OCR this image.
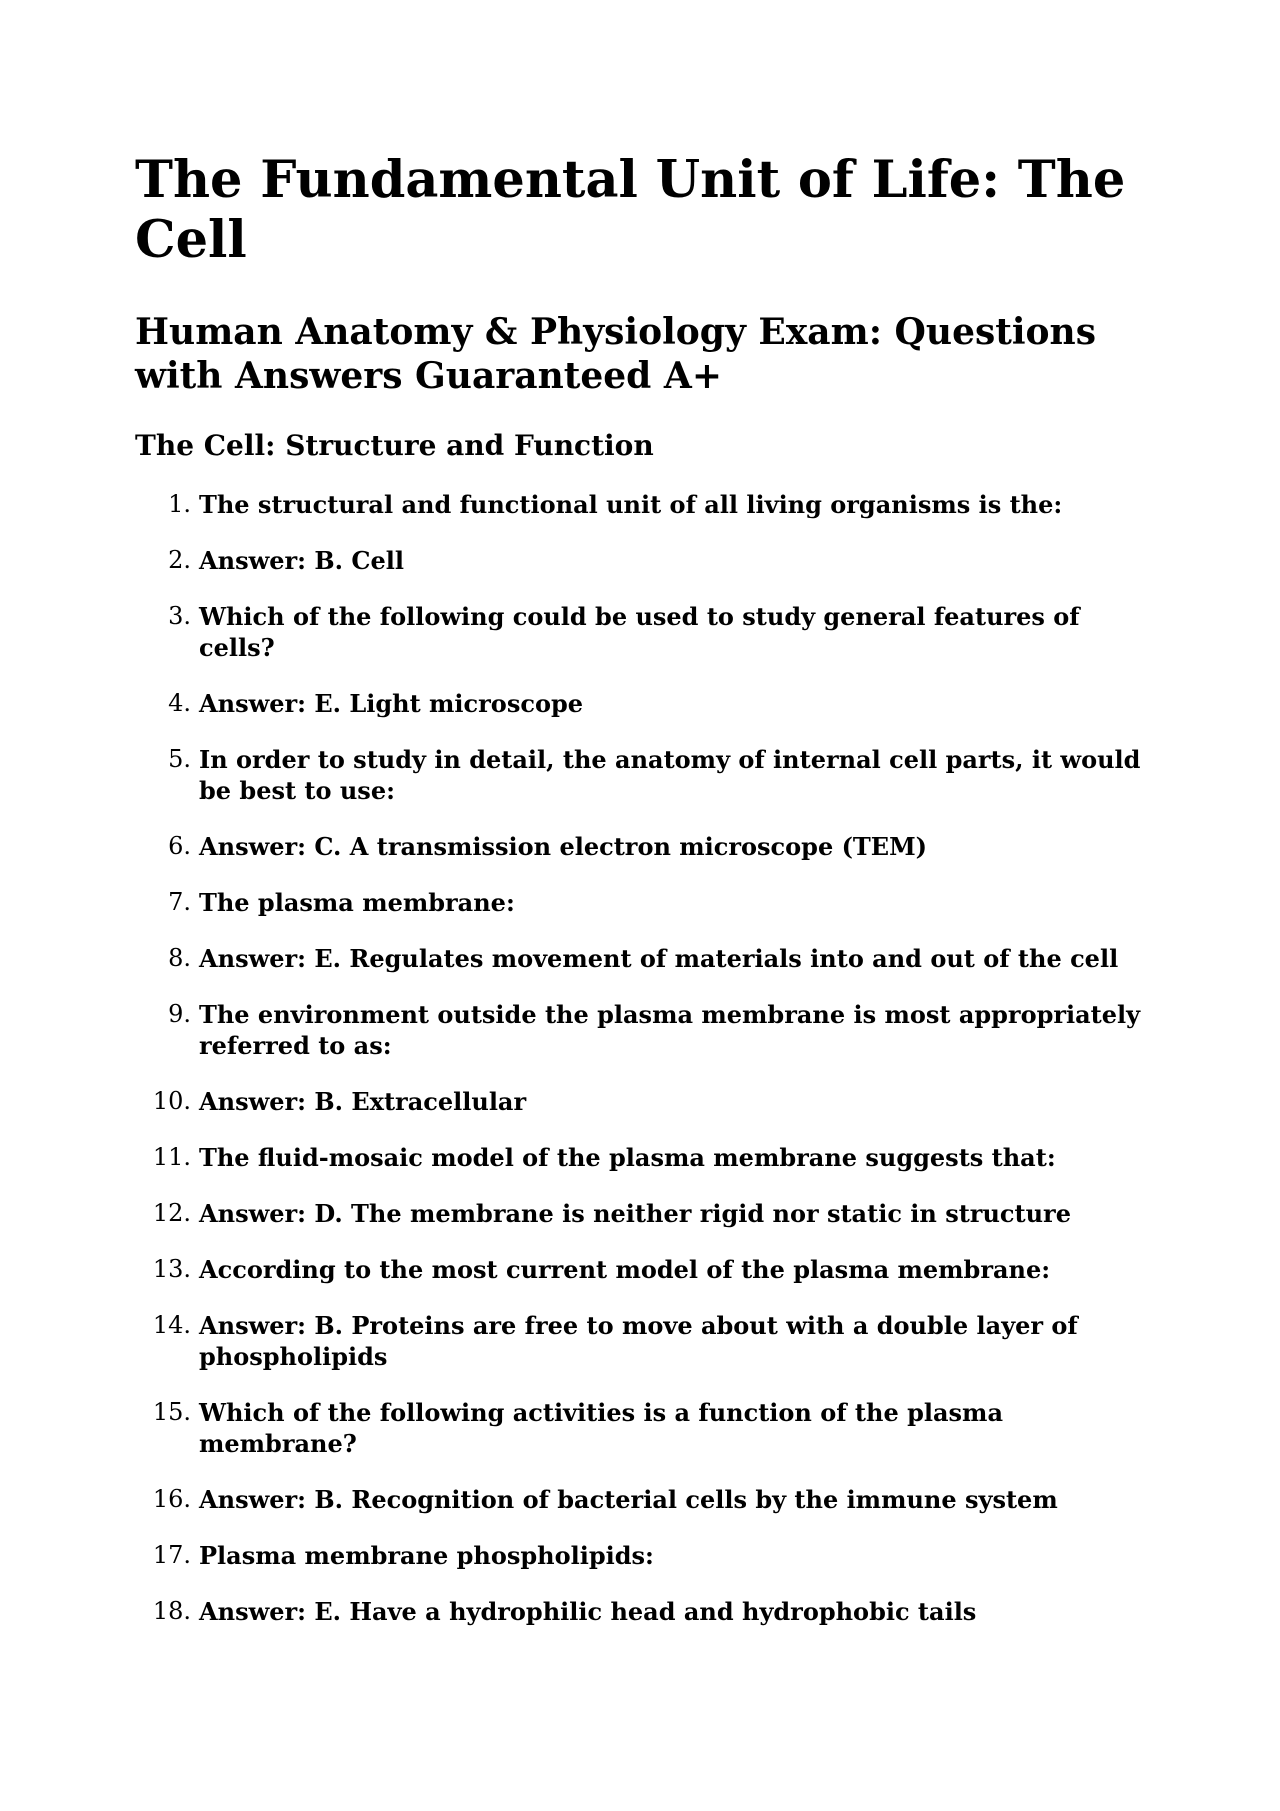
The Fundamental Unit of Life: The Cell
Human Anatomy & Physiology Exam: Questions with Answers Guaranteed A+
The Cell: Structure and Function
1. The structural and functional unit of all living organisms is the:
2. Answer: B. Cell
3. Which of the following could be used to study general features of cells?
4. Answer: E. Light microscope
5. In order to study in detail, the anatomy of internal cell parts, it would be best to use:
6. Answer: C. A transmission electron microscope (TEM)
7. The plasma membrane:
8. Answer: E. Regulates movement of materials into and out of the cell
9. The environment outside the plasma membrane is most appropriately referred to as:
10. Answer: B. Extracellular
11. The fluid-mosaic model of the plasma membrane suggests that:
12. Answer: D. The membrane is neither rigid nor static in structure
13. According to the most current model of the plasma membrane:
14. Answer: B. Proteins are free to move about with a double layer of phospholipids
15. Which of the following activities is a function of the plasma membrane?
16. Answer: B. Recognition of bacterial cells by the immune system
17. Plasma membrane phospholipids:
18. Answer: E. Have a hydrophilic head and hydrophobic tails
